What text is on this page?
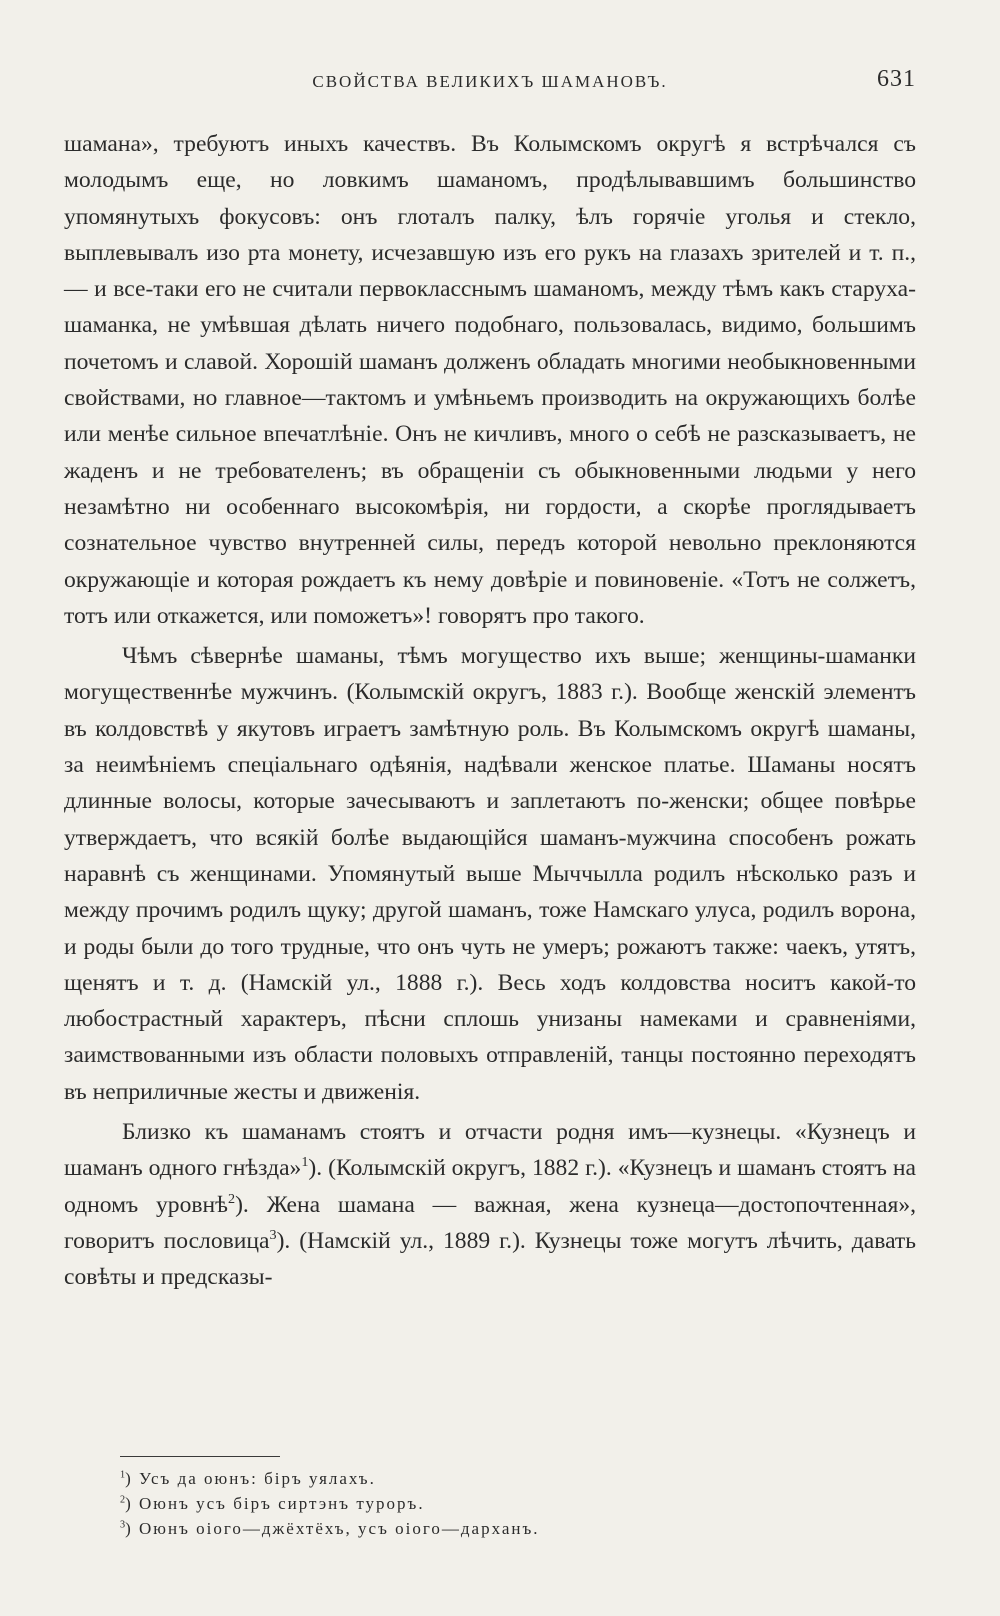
СВОЙСТВА ВЕЛИКИХЪ ШАМАНОВЪ.	631

шамана», требуютъ иныхъ качествъ. Въ Колымскомъ округѣ я встрѣчался съ молодымъ еще, но ловкимъ шаманомъ, продѣлывавшимъ большинство упомянутыхъ фокусовъ: онъ глоталъ палку, ѣлъ горячіе уголья и стекло, выплевывалъ изо рта монету, исчезавшую изъ его рукъ на глазахъ зрителей и т. п., — и все-таки его не считали первокласснымъ шаманомъ, между тѣмъ какъ старуха-шаманка, не умѣвшая дѣлать ничего подобнаго, пользовалась, видимо, большимъ почетомъ и славой. Хорошій шаманъ долженъ обладать многими необыкновенными свойствами, но главное—тактомъ и умѣньемъ производить на окружающихъ болѣе или менѣе сильное впечатлѣніе. Онъ не кичливъ, много о себѣ не разсказываетъ, не жаденъ и не требователенъ; въ обращеніи съ обыкновенными людьми у него незамѣтно ни особеннаго высокомѣрія, ни гордости, а скорѣе проглядываетъ сознательное чувство внутренней силы, передъ которой невольно преклоняются окружающіе и которая рождаетъ къ нему довѣріе и повиновеніе. «Тотъ не солжетъ, тотъ или откажется, или поможетъ»! говорятъ про такого.

Чѣмъ сѣвернѣе шаманы, тѣмъ могущество ихъ выше; женщины-шаманки могущественнѣе мужчинъ. (Колымскій округъ, 1883 г.). Вообще женскій элементъ въ колдовствѣ у якутовъ играетъ замѣтную роль. Въ Колымскомъ округѣ шаманы, за неимѣніемъ спеціальнаго одѣянія, надѣвали женское платье. Шаманы носятъ длинные волосы, которые зачесываютъ и заплетаютъ по-женски; общее повѣрье утверждаетъ, что всякій болѣе выдающійся шаманъ-мужчина способенъ рожать наравнѣ съ женщинами. Упомянутый выше Мыччылла родилъ нѣсколько разъ и между прочимъ родилъ щуку; другой шаманъ, тоже Намскаго улуса, родилъ ворона, и роды были до того трудные, что онъ чуть не умеръ; рожаютъ также: чаекъ, утятъ, щенятъ и т. д. (Намскій ул., 1888 г.). Весь ходъ колдовства носитъ какой-то любострастный характеръ, пѣсни сплошь унизаны намеками и сравненіями, заимствованными изъ области половыхъ отправленій, танцы постоянно переходятъ въ неприличные жесты и движенія.

Близко къ шаманамъ стоятъ и отчасти родня имъ—кузнецы. «Кузнецъ и шаманъ одного гнѣзда»$^1$). (Колымскій округъ, 1882 г.). «Кузнецъ и шаманъ стоятъ на одномъ уровнѣ$^2$). Жена шамана — важная, жена кузнеца—достопочтенная», говоритъ пословица$^3$). (Намскій ул., 1889 г.). Кузнецы тоже могутъ лѣчить, давать совѣты и предсказы-

$^1$) Усъ да оюнъ: біръ уялахъ.
$^2$) Оюнъ усъ біръ сиртэнъ туроръ.
$^3$) Оюнъ оіого—джёхтёхъ, усъ оіого—дарханъ.
